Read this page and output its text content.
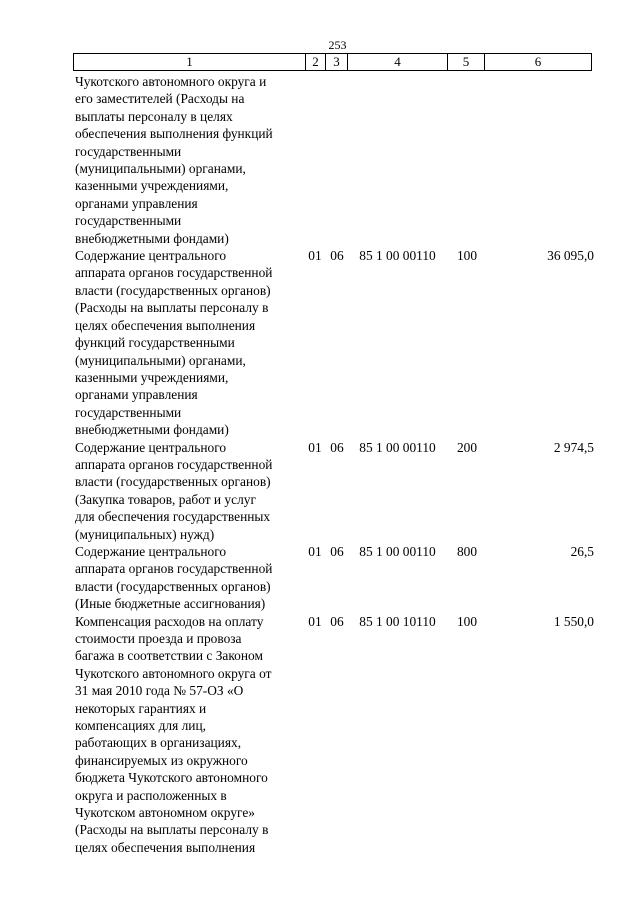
253
1	2	3	4	5	6
Чукотского автономного округа и
его заместителей (Расходы на
выплаты персоналу в целях
обеспечения выполнения функций
государственными
(муниципальными) органами,
казенными учреждениями,
органами управления
государственными
внебюджетными фондами)
Содержание центрального
аппарата органов государственной
власти (государственных органов)
(Расходы на выплаты персоналу в
целях обеспечения выполнения
функций государственными
(муниципальными) органами,
казенными учреждениями,
органами управления
государственными
внебюджетными фондами)
01 06	85 1 00 00110	100	36 095,0
Содержание центрального
аппарата органов государственной
власти (государственных органов)
(Закупка товаров, работ и услуг
для обеспечения государственных
(муниципальных) нужд)
01 06	85 1 00 00110	200	2 974,5
Содержание центрального
аппарата органов государственной
власти (государственных органов)
(Иные бюджетные ассигнования)
01 06	85 1 00 00110	800	26,5
Компенсация расходов на оплату
стоимости проезда и провоза
багажа в соответствии с Законом
Чукотского автономного округа от
31 мая 2010 года № 57-ОЗ «О
некоторых гарантиях и
компенсациях для лиц,
работающих в организациях,
финансируемых из окружного
бюджета Чукотского автономного
округа и расположенных в
Чукотском автономном округе»
(Расходы на выплаты персоналу в
целях обеспечения выполнения
01 06	85 1 00 10110	100	1 550,0
